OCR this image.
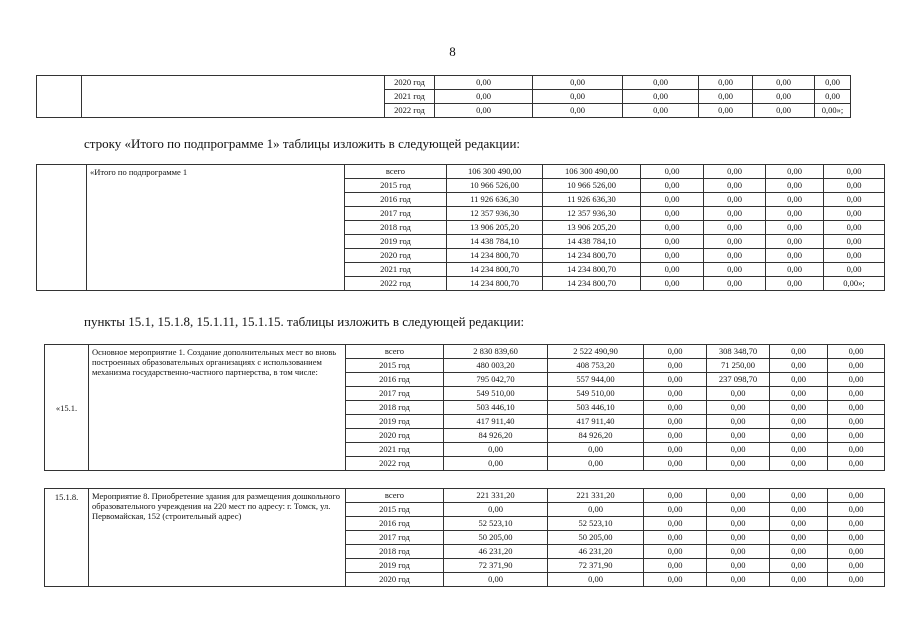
8
		2020 год	0,00	0,00	0,00	0,00	0,00	0,00
		2021 год	0,00	0,00	0,00	0,00	0,00	0,00
		2022 год	0,00	0,00	0,00	0,00	0,00	0,00»;
строку «Итого по подпрограмме 1» таблицы изложить в следующей редакции:
	«Итого по подпрограмме 1	всего	106 300 490,00	106 300 490,00	0,00	0,00	0,00	0,00
		2015 год	10 966 526,00	10 966 526,00	0,00	0,00	0,00	0,00
		2016 год	11 926 636,30	11 926 636,30	0,00	0,00	0,00	0,00
		2017 год	12 357 936,30	12 357 936,30	0,00	0,00	0,00	0,00
		2018 год	13 906 205,20	13 906 205,20	0,00	0,00	0,00	0,00
		2019 год	14 438 784,10	14 438 784,10	0,00	0,00	0,00	0,00
		2020 год	14 234 800,70	14 234 800,70	0,00	0,00	0,00	0,00
		2021 год	14 234 800,70	14 234 800,70	0,00	0,00	0,00	0,00
		2022 год	14 234 800,70	14 234 800,70	0,00	0,00	0,00	0,00»;
пункты 15.1, 15.1.8, 15.1.11, 15.1.15. таблицы изложить в следующей редакции:
«15.1.	Основное мероприятие 1. Создание дополнительных мест во вновь построенных образовательных организациях с использованием механизма государственно-частного партнерства, в том числе:	всего	2 830 839,60	2 522 490,90	0,00	308 348,70	0,00	0,00
		2015 год	480 003,20	408 753,20	0,00	71 250,00	0,00	0,00
		2016 год	795 042,70	557 944,00	0,00	237 098,70	0,00	0,00
		2017 год	549 510,00	549 510,00	0,00	0,00	0,00	0,00
		2018 год	503 446,10	503 446,10	0,00	0,00	0,00	0,00
		2019 год	417 911,40	417 911,40	0,00	0,00	0,00	0,00
		2020 год	84 926,20	84 926,20	0,00	0,00	0,00	0,00
		2021 год	0,00	0,00	0,00	0,00	0,00	0,00
		2022 год	0,00	0,00	0,00	0,00	0,00	0,00
15.1.8.	Мероприятие 8. Приобретение здания для размещения дошкольного образовательного учреждения на 220 мест по адресу: г. Томск, ул. Первомайская, 152 (строительный адрес)	всего	221 331,20	221 331,20	0,00	0,00	0,00	0,00
		2015 год	0,00	0,00	0,00	0,00	0,00	0,00
		2016 год	52 523,10	52 523,10	0,00	0,00	0,00	0,00
		2017 год	50 205,00	50 205,00	0,00	0,00	0,00	0,00
		2018 год	46 231,20	46 231,20	0,00	0,00	0,00	0,00
		2019 год	72 371,90	72 371,90	0,00	0,00	0,00	0,00
		2020 год	0,00	0,00	0,00	0,00	0,00	0,00
